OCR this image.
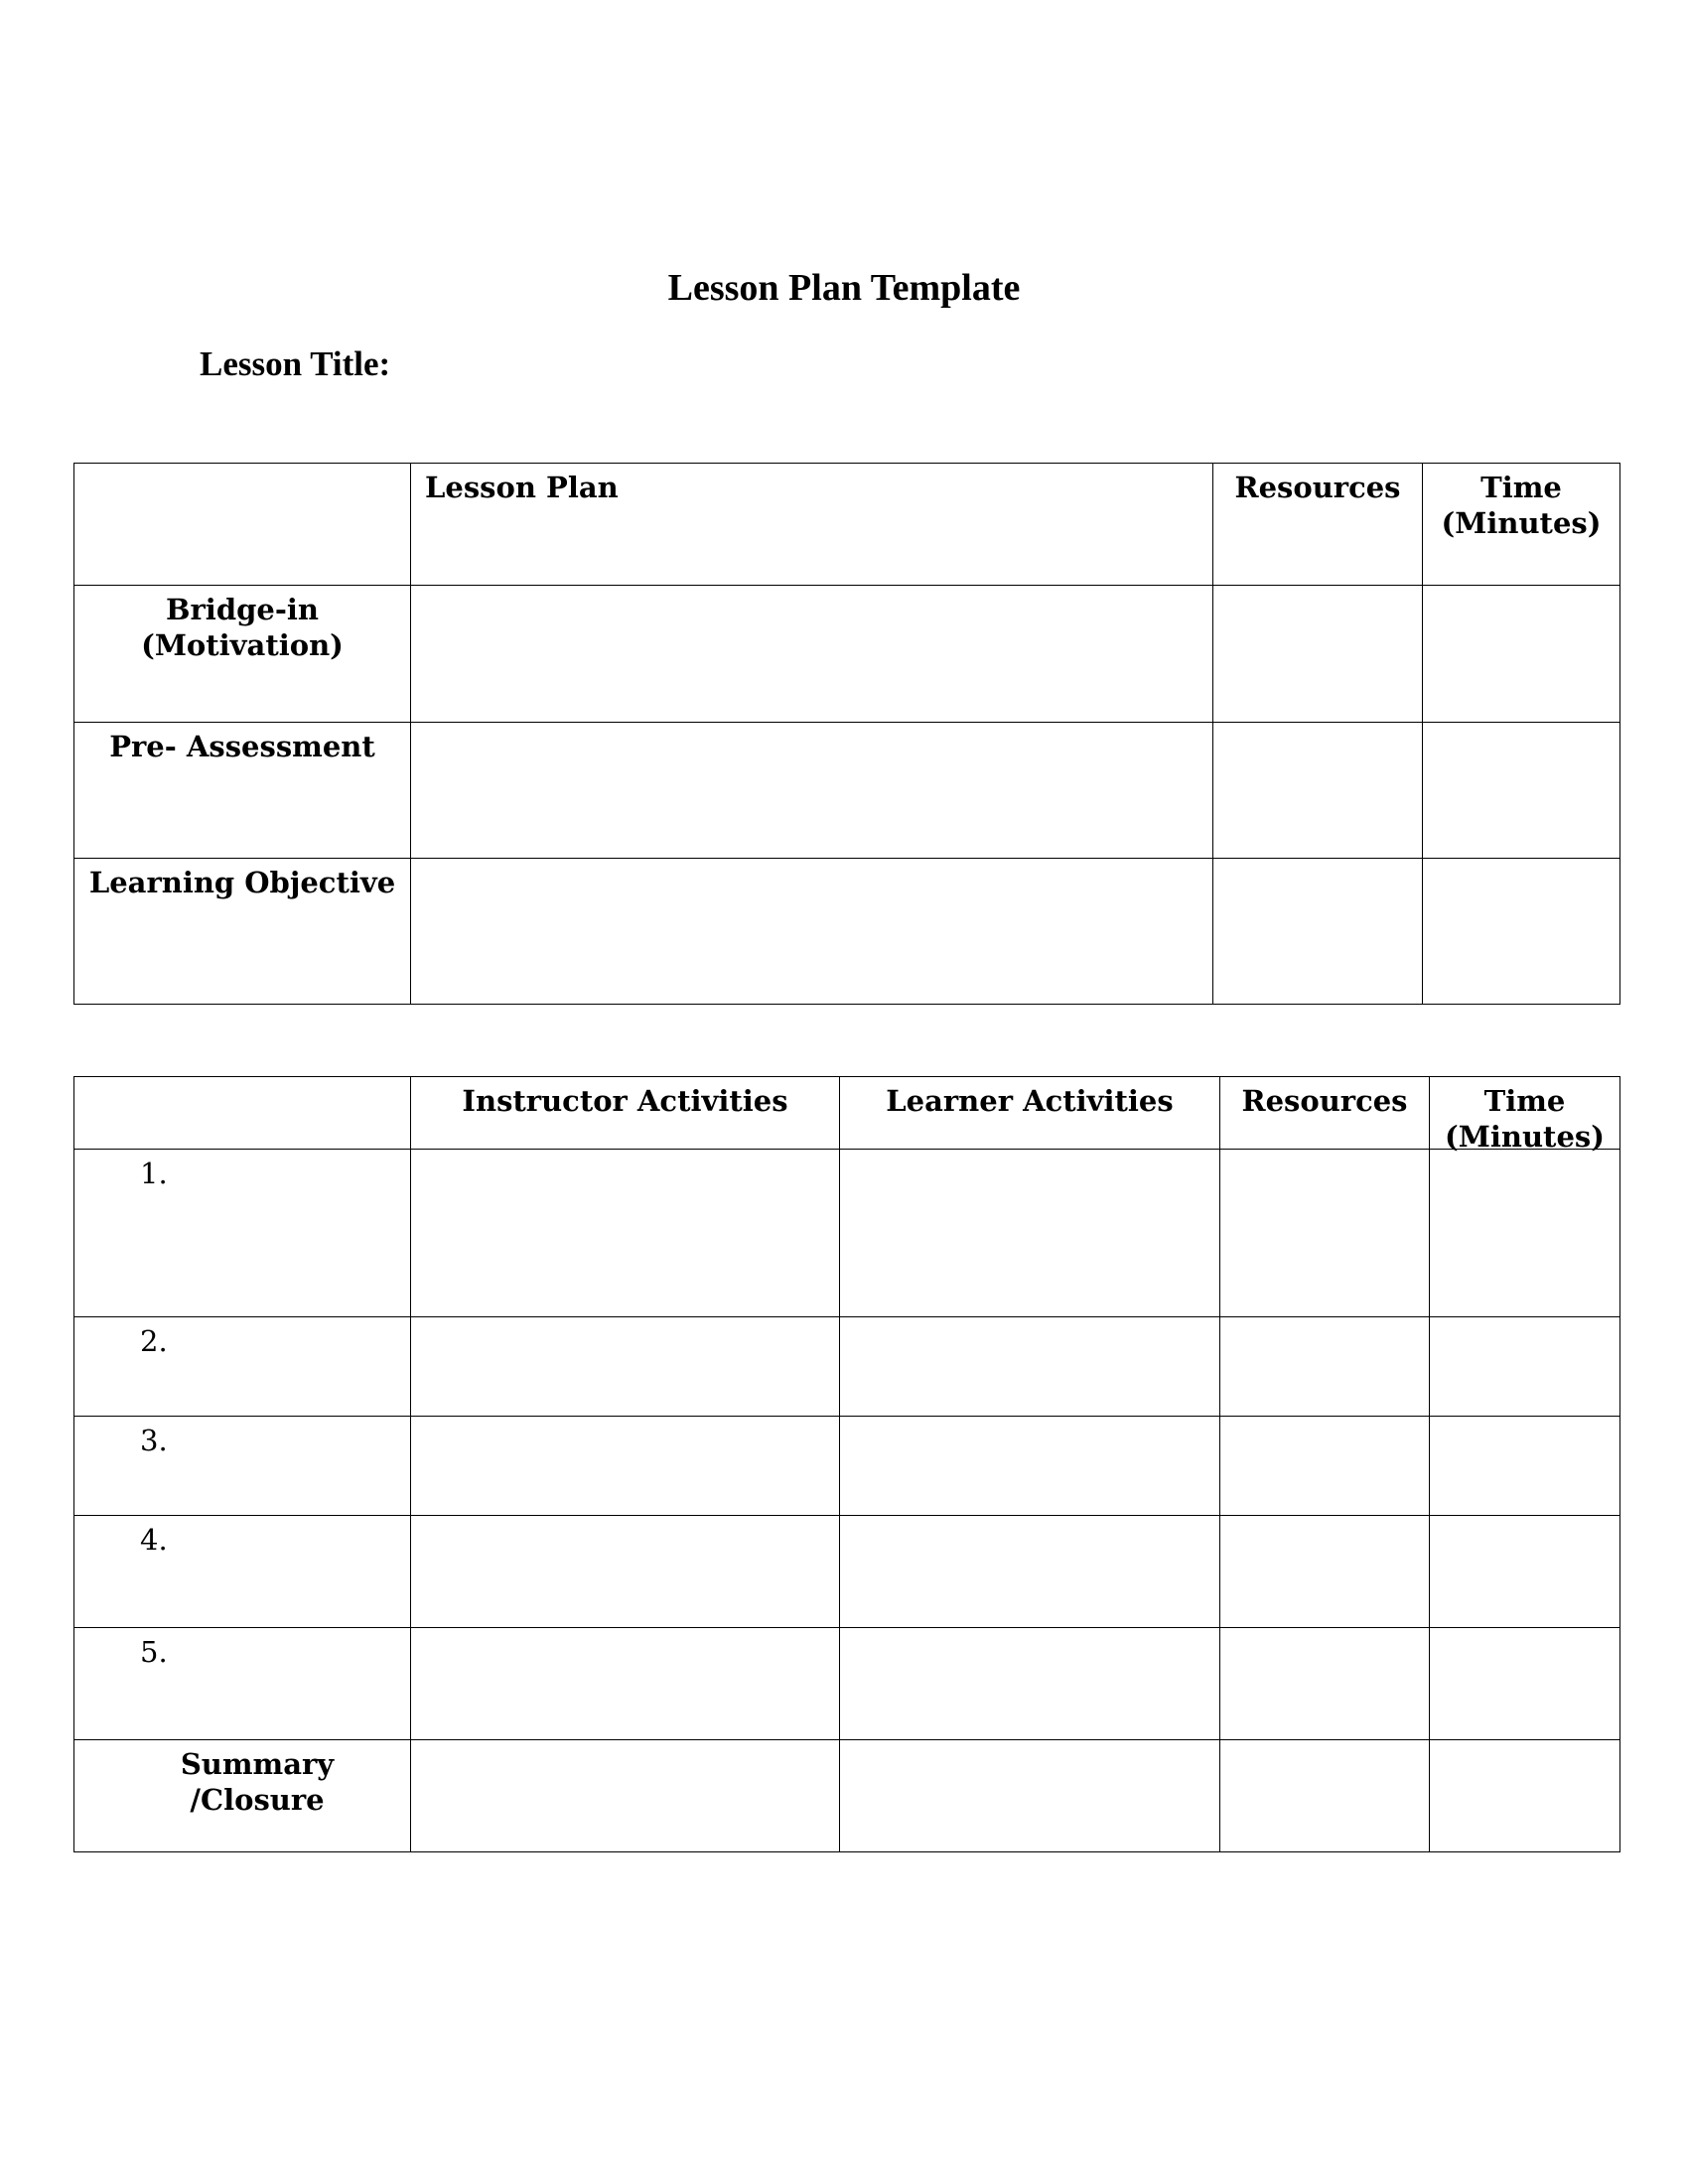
Lesson Plan Template
Lesson Title:
	Lesson Plan	Resources	Time
(Minutes)

Bridge-in
(Motivation)			

Pre- Assessment			

Learning Objective			

	Instructor Activities	Learner Activities	Resources	Time
(Minutes)

1.				
2.				
3.				
4.				
5.				

Summary
/Closure				
